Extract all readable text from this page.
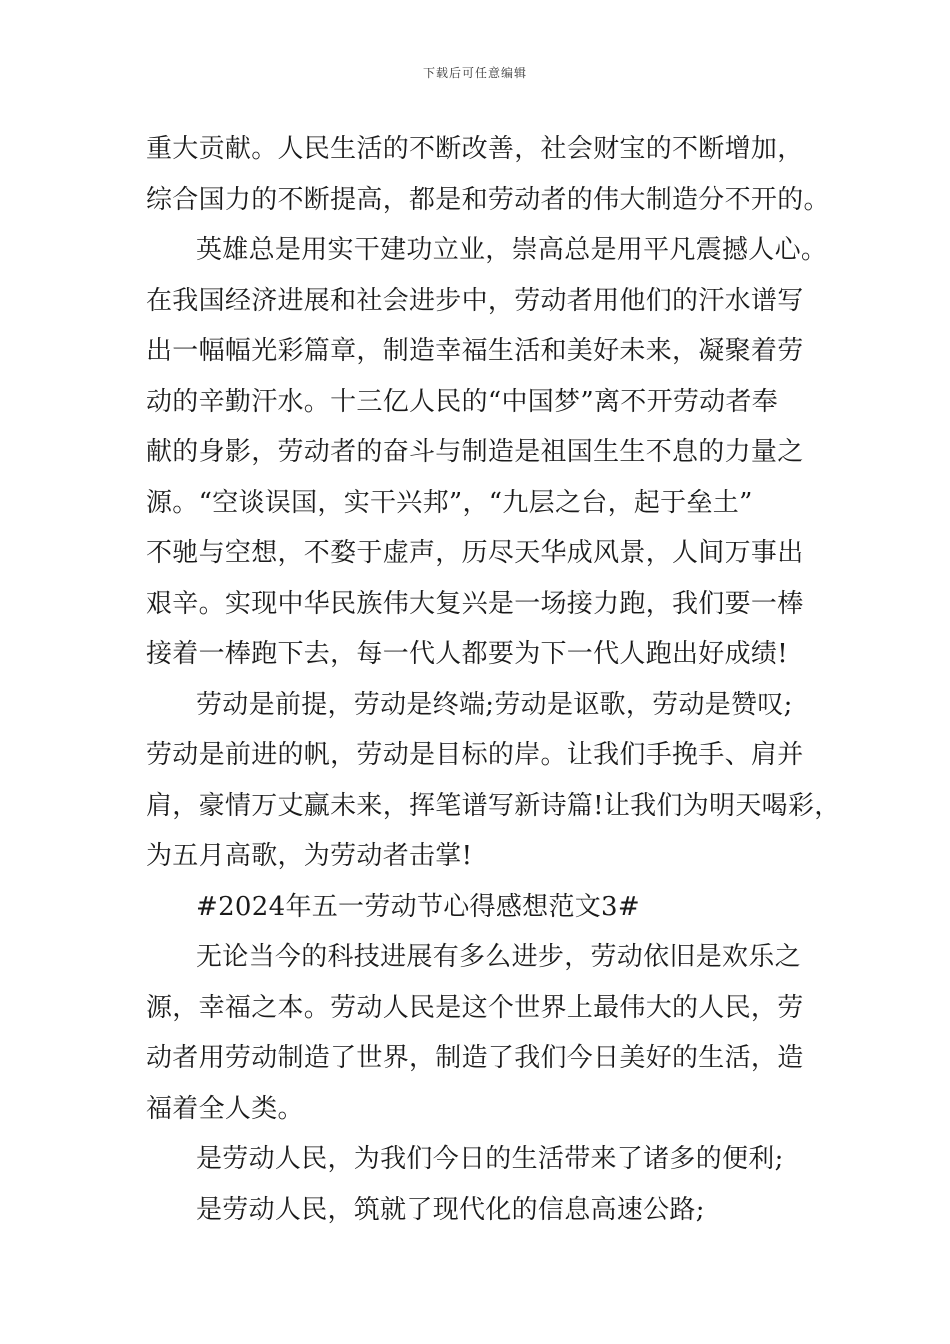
下载后可任意编辑
重大贡献。人民生活的不断改善，社会财宝的不断增加，
综合国力的不断提高，都是和劳动者的伟大制造分不开的。
英雄总是用实干建功立业，崇高总是用平凡震撼人心。
在我国经济进展和社会进步中，劳动者用他们的汗水谱写
出一幅幅光彩篇章，制造幸福生活和美好未来，凝聚着劳
动的辛勤汗水。十三亿人民的“中国梦”离不开劳动者奉
献的身影，劳动者的奋斗与制造是祖国生生不息的力量之
源。“空谈误国，实干兴邦”，“九层之台，起于垒土”
不驰与空想，不婺于虚声，历尽天华成风景，人间万事出
艰辛。实现中华民族伟大复兴是一场接力跑，我们要一棒
接着一棒跑下去，每一代人都要为下一代人跑出好成绩!
劳动是前提，劳动是终端;劳动是讴歌，劳动是赞叹;
劳动是前进的帆，劳动是目标的岸。让我们手挽手、肩并
肩，豪情万丈赢未来，挥笔谱写新诗篇!让我们为明天喝彩，
为五月高歌，为劳动者击掌!
#2024年五一劳动节心得感想范文3#
无论当今的科技进展有多么进步，劳动依旧是欢乐之
源，幸福之本。劳动人民是这个世界上最伟大的人民，劳
动者用劳动制造了世界，制造了我们今日美好的生活，造
福着全人类。
是劳动人民，为我们今日的生活带来了诸多的便利;
是劳动人民，筑就了现代化的信息高速公路;
